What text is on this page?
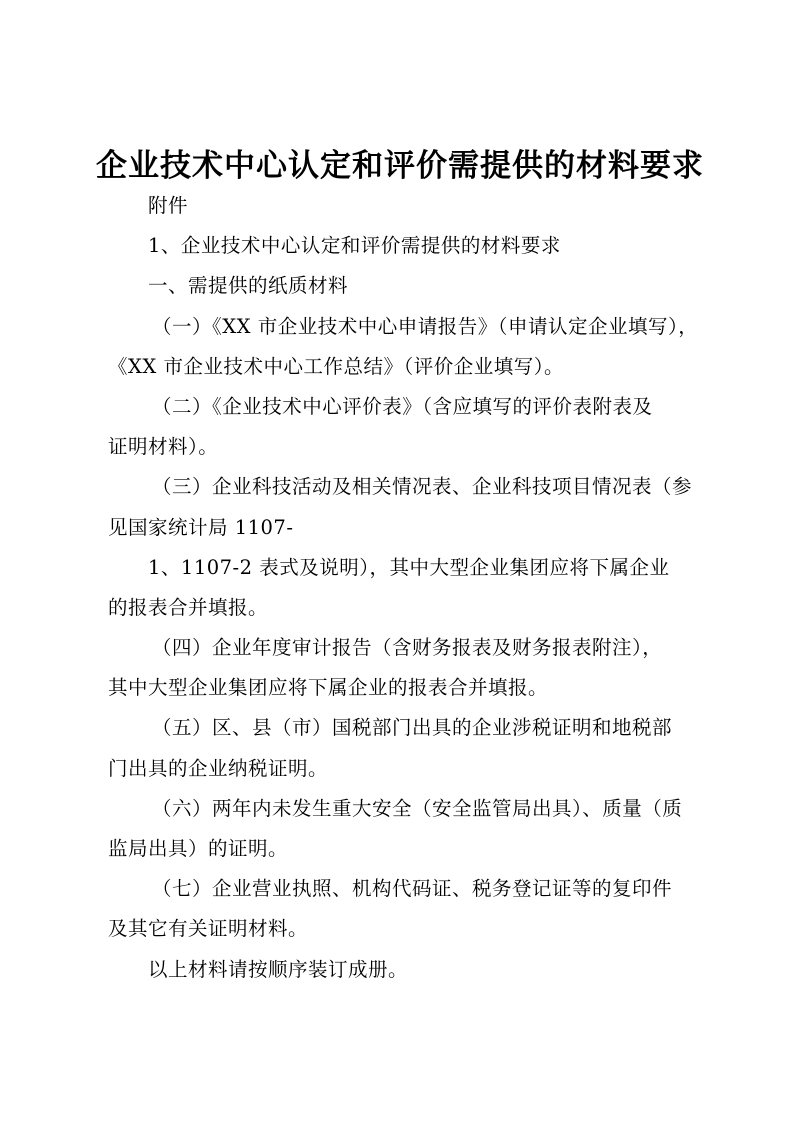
企业技术中心认定和评价需提供的材料要求
附件
1、企业技术中心认定和评价需提供的材料要求
一、需提供的纸质材料
（一）《XX 市企业技术中心申请报告》（申请认定企业填写），
《XX 市企业技术中心工作总结》（评价企业填写）。
（二）《企业技术中心评价表》（含应填写的评价表附表及
证明材料）。
（三）企业科技活动及相关情况表、企业科技项目情况表（参
见国家统计局 1107-
1、1107-2 表式及说明），其中大型企业集团应将下属企业
的报表合并填报。
（四）企业年度审计报告（含财务报表及财务报表附注），
其中大型企业集团应将下属企业的报表合并填报。
（五）区、县（市）国税部门出具的企业涉税证明和地税部
门出具的企业纳税证明。
（六）两年内未发生重大安全（安全监管局出具）、质量（质
监局出具）的证明。
（七）企业营业执照、机构代码证、税务登记证等的复印件
及其它有关证明材料。
以上材料请按顺序装订成册。
